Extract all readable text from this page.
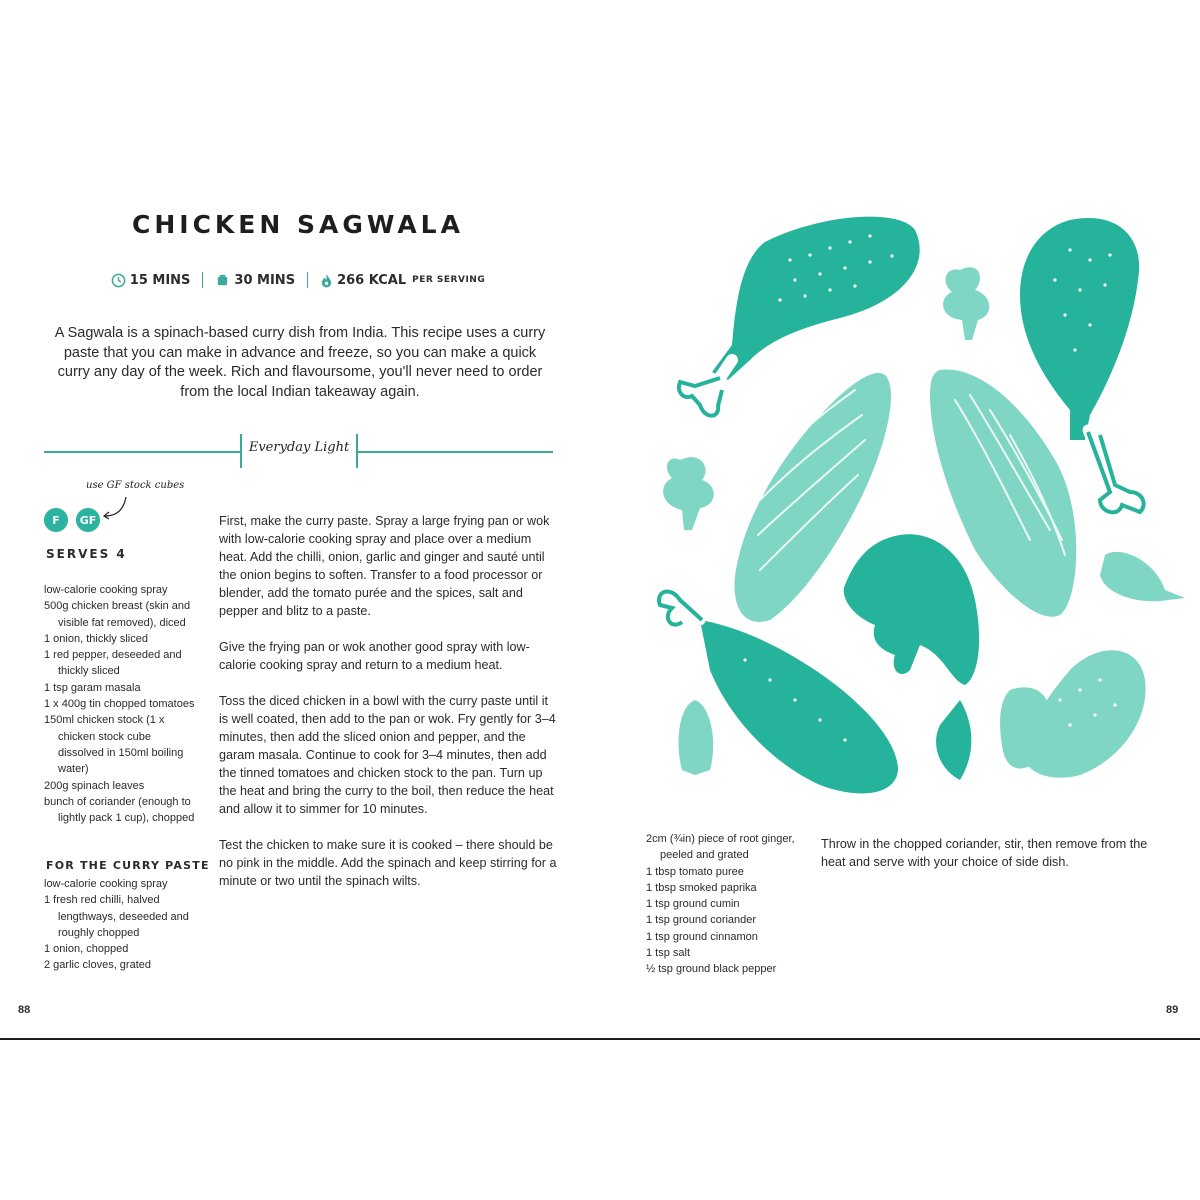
CHICKEN SAGWALA
15 MINS	30 MINS	266 KCAL PER SERVING
A Sagwala is a spinach-based curry dish from India. This recipe uses a curry paste that you can make in advance and freeze, so you can make a quick curry any day of the week. Rich and flavoursome, you'll never need to order from the local Indian takeaway again.
Everyday Light
use GF stock cubes
F	GF
SERVES 4
low-calorie cooking spray
500g chicken breast (skin and visible fat removed), diced
1 onion, thickly sliced
1 red pepper, deseeded and thickly sliced
1 tsp garam masala
1 x 400g tin chopped tomatoes
150ml chicken stock (1 x chicken stock cube dissolved in 150ml boiling water)
200g spinach leaves
bunch of coriander (enough to lightly pack 1 cup), chopped
FOR THE CURRY PASTE
low-calorie cooking spray
1 fresh red chilli, halved lengthways, deseeded and roughly chopped
1 onion, chopped
2 garlic cloves, grated

First, make the curry paste. Spray a large frying pan or wok with low-calorie cooking spray and place over a medium heat. Add the chilli, onion, garlic and ginger and sauté until the onion begins to soften. Transfer to a food processor or blender, add the tomato purée and the spices, salt and pepper and blitz to a paste.

Give the frying pan or wok another good spray with low-calorie cooking spray and return to a medium heat.

Toss the diced chicken in a bowl with the curry paste until it is well coated, then add to the pan or wok. Fry gently for 3–4 minutes, then add the sliced onion and pepper, and the garam masala. Continue to cook for 3–4 minutes, then add the tinned tomatoes and chicken stock to the pan. Turn up the heat and bring the curry to the boil, then reduce the heat and allow it to simmer for 10 minutes.

Test the chicken to make sure it is cooked – there should be no pink in the middle. Add the spinach and keep stirring for a minute or two until the spinach wilts.

88
2cm (¾in) piece of root ginger, peeled and grated
1 tbsp tomato puree
1 tbsp smoked paprika
1 tsp ground cumin
1 tsp ground coriander
1 tsp ground cinnamon
1 tsp salt
½ tsp ground black pepper
Throw in the chopped coriander, stir, then remove from the heat and serve with your choice of side dish.
89
